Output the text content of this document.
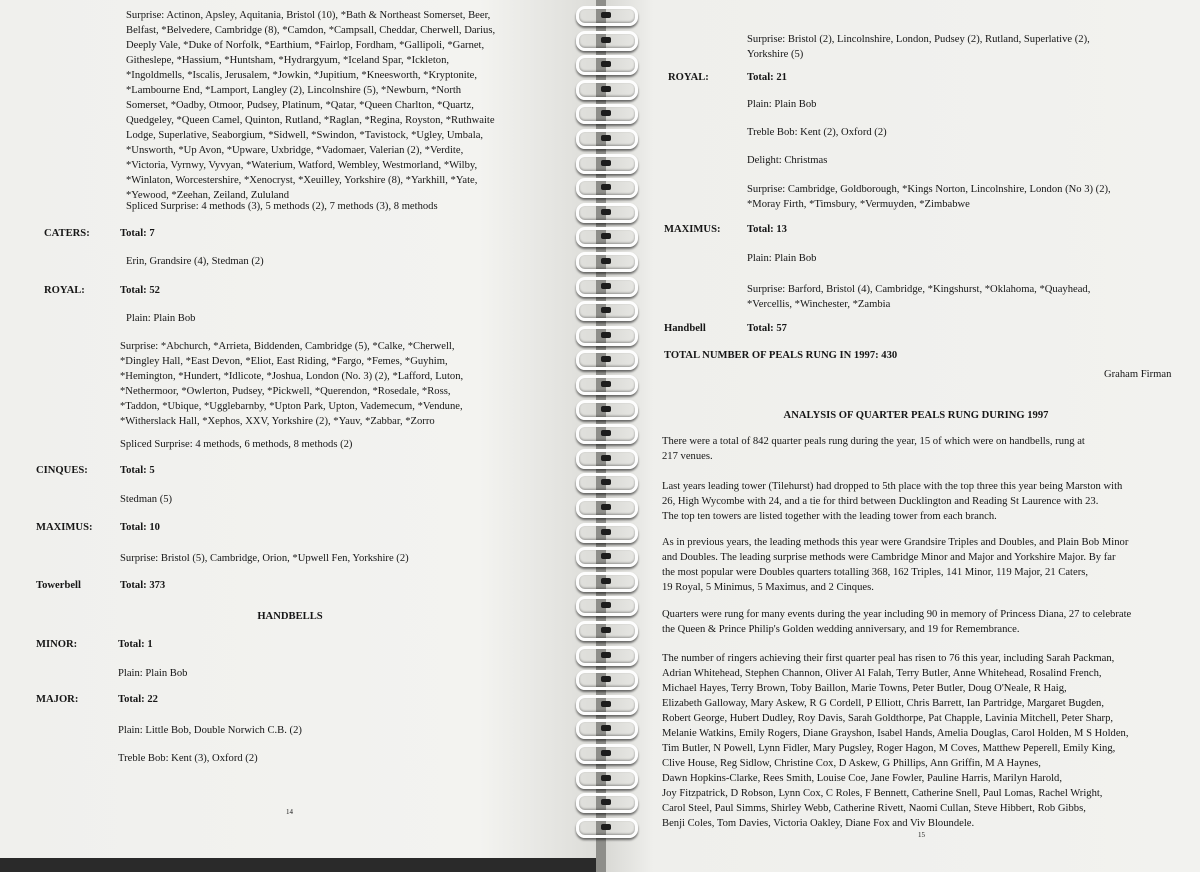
Surprise: Actinon, Apsley, Aquitania, Bristol (10), *Bath & Northeast Somerset, Beer,
Belfast, *Belvedere, Cambridge (8), *Camdon, *Campsall, Cheddar, Cherwell, Darius,
Deeply Vale, *Duke of Norfolk, *Earthium, *Fairlop, Fordham, *Gallipoli, *Garnet,
Githeslepe, *Hassium, *Huntsham, *Hydrargyum, *Iceland Spar, *Ickleton,
*Ingoldmells, *Iscalis, Jerusalem, *Jowkin, *Jupitium, *Kneesworth, *Kryptonite,
*Lambourne End, *Lamport, Langley (2), Lincolnshire (5), *Newburn, *North
Somerset, *Oadby, Otmoor, Pudsey, Platinum, *Qatar, *Queen Charlton, *Quartz,
Quedgeley, *Queen Camel, Quinton, Rutland, *Raglan, *Regina, Royston, *Ruthwaite
Lodge, Superlative, Seaborgium, *Sidwell, *Swindon, *Tavistock, *Ugley, Umbala,
*Unsworth, *Up Avon, *Upware, Uxbridge, *Vadomaer, Valerian (2), *Verdite,
*Victoria, Vyrnwy, Vyvyan, *Waterium, Watford, Wembley, Westmorland, *Wilby,
*Winlaton, Worcestershire, *Xenocryst, *Xeuilley, Yorkshire (8), *Yarkhill, *Yate,
*Yewood, *Zeehan, Zeiland, Zululand
Spliced Surprise: 4 methods (3), 5 methods (2), 7 methods (3), 8 methods
CATERS:	Total: 7
Erin, Grandsire (4), Stedman (2)
ROYAL:	Total: 52
Plain: Plain Bob
Surprise: *Abchurch, *Arrieta, Biddenden, Cambridge (5), *Calke, *Cherwell,
*Dingley Hall, *East Devon, *Eliot, East Riding, *Fargo, *Femes, *Guyhim,
*Hemington, *Hundert, *Idlicote, *Joshua, London (No. 3) (2), *Lafford, Luton,
*Nethermoor, *Owlerton, Pudsey, *Pickwell, *Querendon, *Rosedale, *Ross,
*Taddon, *Ubique, *Ugglebarnby, *Upton Park, Upton, Vademecum, *Vendune,
*Witherslack Hall, *Xephos, XXV, Yorkshire (2), *Yauv, *Zabbar, *Zorro
Spliced Surprise: 4 methods, 6 methods, 8 methods (2)
CINQUES:	Total: 5
Stedman (5)
MAXIMUS:	Total: 10
Surprise: Bristol (5), Cambridge, Orion, *Upwell Fen, Yorkshire (2)
Towerbell	Total: 373
HANDBELLS
MINOR:	Total: 1
Plain: Plain Bob
MAJOR:	Total: 22
Plain: Little Bob, Double Norwich C.B. (2)
Treble Bob: Kent (3), Oxford (2)
14
Surprise: Bristol (2), Lincolnshire, London, Pudsey (2), Rutland, Superlative (2),
Yorkshire (5)
ROYAL:	Total: 21
Plain: Plain Bob
Treble Bob: Kent (2), Oxford (2)
Delight: Christmas
Surprise: Cambridge, Goldborough, *Kings Norton, Lincolnshire, London (No 3) (2),
*Moray Firth, *Timsbury, *Vermuyden, *Zimbabwe
MAXIMUS:	Total: 13
Plain: Plain Bob
Surprise: Barford, Bristol (4), Cambridge, *Kingshurst, *Oklahoma, *Quayhead,
*Vercellis, *Winchester, *Zambia
Handbell	Total: 57
TOTAL NUMBER OF PEALS RUNG IN 1997: 430
Graham Firman
ANALYSIS OF QUARTER PEALS RUNG DURING 1997
There were a total of 842 quarter peals rung during the year, 15 of which were on handbells, rung at
217 venues.
Last years leading tower (Tilehurst) had dropped to 5th place with the top three this year being Marston with
26, High Wycombe with 24, and a tie for third between Ducklington and Reading St Laurence with 23.
The top ten towers are listed together with the leading tower from each branch.
As in previous years, the leading methods this year were Grandsire Triples and Doubles, and Plain Bob Minor
and Doubles. The leading surprise methods were Cambridge Minor and Major and Yorkshire Major. By far
the most popular were Doubles quarters totalling 368, 162 Triples, 141 Minor, 119 Major, 21 Caters,
19 Royal, 5 Minimus, 5 Maximus, and 2 Cinques.
Quarters were rung for many events during the year including 90 in memory of Princess Diana, 27 to celebrate
the Queen & Prince Philip's Golden wedding anniversary, and 19 for Remembrance.
The number of ringers achieving their first quarter peal has risen to 76 this year, including Sarah Packman,
Adrian Whitehead, Stephen Channon, Oliver Al Falah, Terry Butler, Anne Whitehead, Rosalind French,
Michael Hayes, Terry Brown, Toby Baillon, Marie Towns, Peter Butler, Doug O'Neale, R Haig,
Elizabeth Galloway, Mary Askew, R G Cordell, P Elliott, Chris Barrett, Ian Partridge, Margaret Bugden,
Robert George, Hubert Dudley, Roy Davis, Sarah Goldthorpe, Pat Chapple, Lavinia Mitchell, Peter Sharp,
Melanie Watkins, Emily Rogers, Diane Grayshon, Isabel Hands, Amelia Douglas, Carol Holden, M S Holden,
Tim Butler, N Powell, Lynn Fidler, Mary Pugsley, Roger Hagon, M Coves, Matthew Peperell, Emily King,
Clive House, Reg Sidlow, Christine Cox, D Askew, G Phillips, Ann Griffin, M A Haynes,
Dawn Hopkins-Clarke, Rees Smith, Louise Coe, Jane Fowler, Pauline Harris, Marilyn Harold,
Joy Fitzpatrick, D Robson, Lynn Cox, C Roles, F Bennett, Catherine Snell, Paul Lomas, Rachel Wright,
Carol Steel, Paul Simms, Shirley Webb, Catherine Rivett, Naomi Cullan, Steve Hibbert, Rob Gibbs,
Benji Coles, Tom Davies, Victoria Oakley, Diane Fox and Viv Bloundele.
15
